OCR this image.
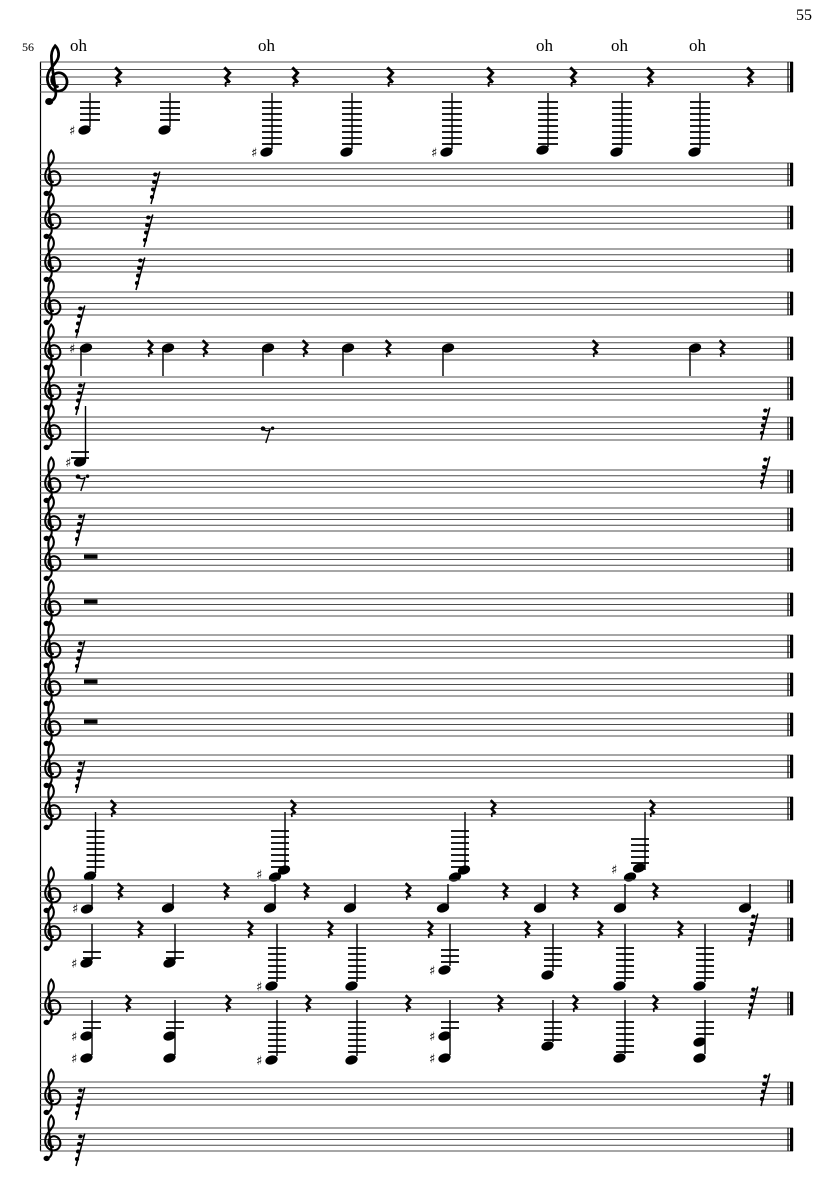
55
56
♯
♯	♯
♯
♯
♯	♯
♯
♯
♯
♯
♯
♯	♯
♯
♯
oh	oh	oh	oh	oh
